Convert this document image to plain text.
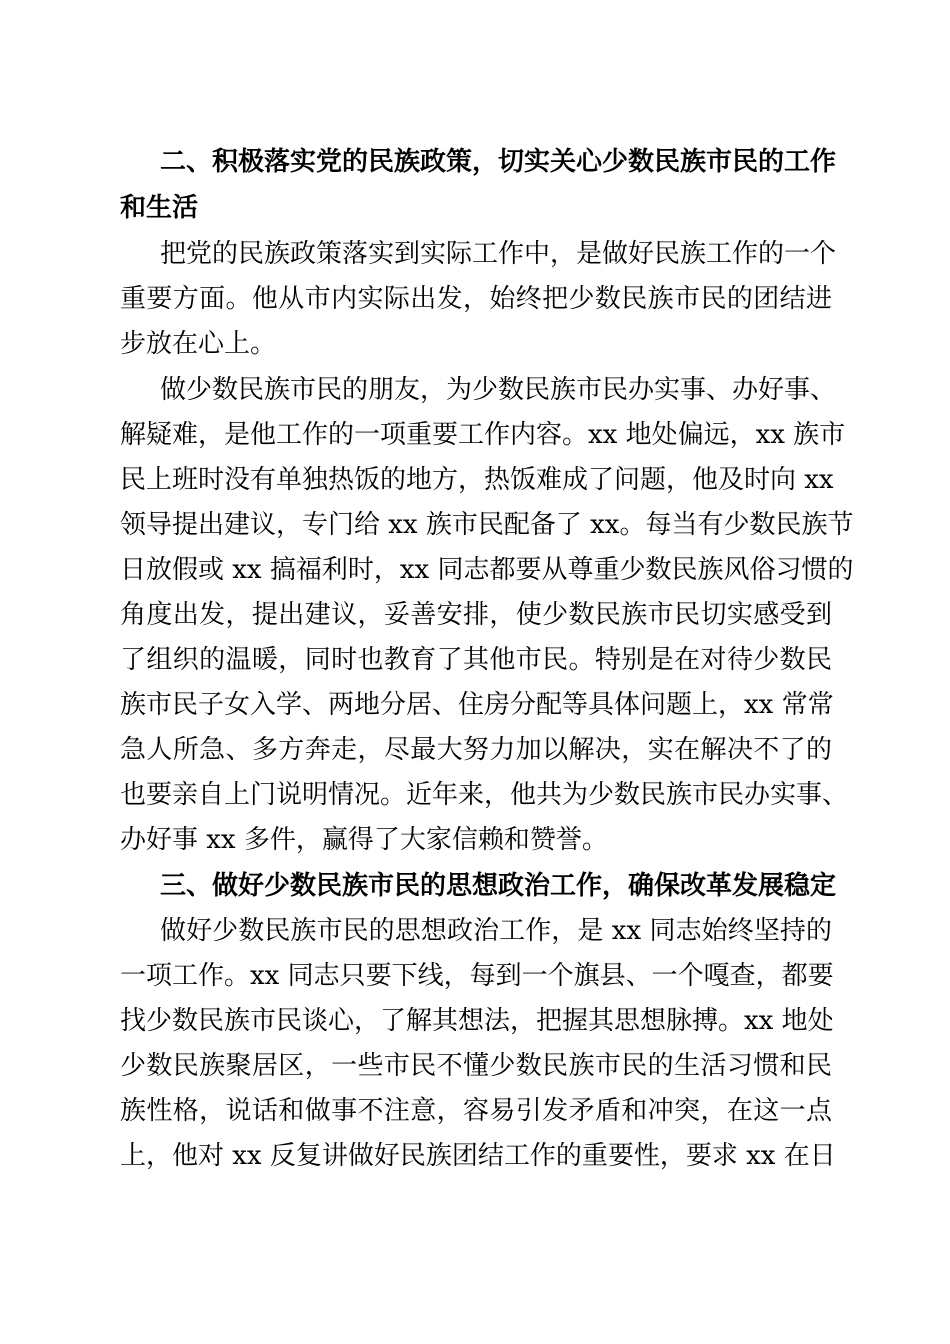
二、积极落实党的民族政策，切实关心少数民族市民的工作
和生活
把党的民族政策落实到实际工作中，是做好民族工作的一个
重要方面。他从市内实际出发，始终把少数民族市民的团结进
步放在心上。
做少数民族市民的朋友，为少数民族市民办实事、办好事、
解疑难，是他工作的一项重要工作内容。xx 地处偏远，xx 族市
民上班时没有单独热饭的地方，热饭难成了问题，他及时向 xx
领导提出建议，专门给 xx 族市民配备了 xx。每当有少数民族节
日放假或 xx 搞福利时，xx 同志都要从尊重少数民族风俗习惯的
角度出发，提出建议，妥善安排，使少数民族市民切实感受到
了组织的温暖，同时也教育了其他市民。特别是在对待少数民
族市民子女入学、两地分居、住房分配等具体问题上，xx 常常
急人所急、多方奔走，尽最大努力加以解决，实在解决不了的
也要亲自上门说明情况。近年来，他共为少数民族市民办实事、
办好事 xx 多件，赢得了大家信赖和赞誉。
三、做好少数民族市民的思想政治工作，确保改革发展稳定
做好少数民族市民的思想政治工作，是 xx 同志始终坚持的
一项工作。xx 同志只要下线，每到一个旗县、一个嘎查，都要
找少数民族市民谈心，了解其想法，把握其思想脉搏。xx 地处
少数民族聚居区，一些市民不懂少数民族市民的生活习惯和民
族性格，说话和做事不注意，容易引发矛盾和冲突，在这一点
上，他对 xx 反复讲做好民族团结工作的重要性，要求 xx 在日
